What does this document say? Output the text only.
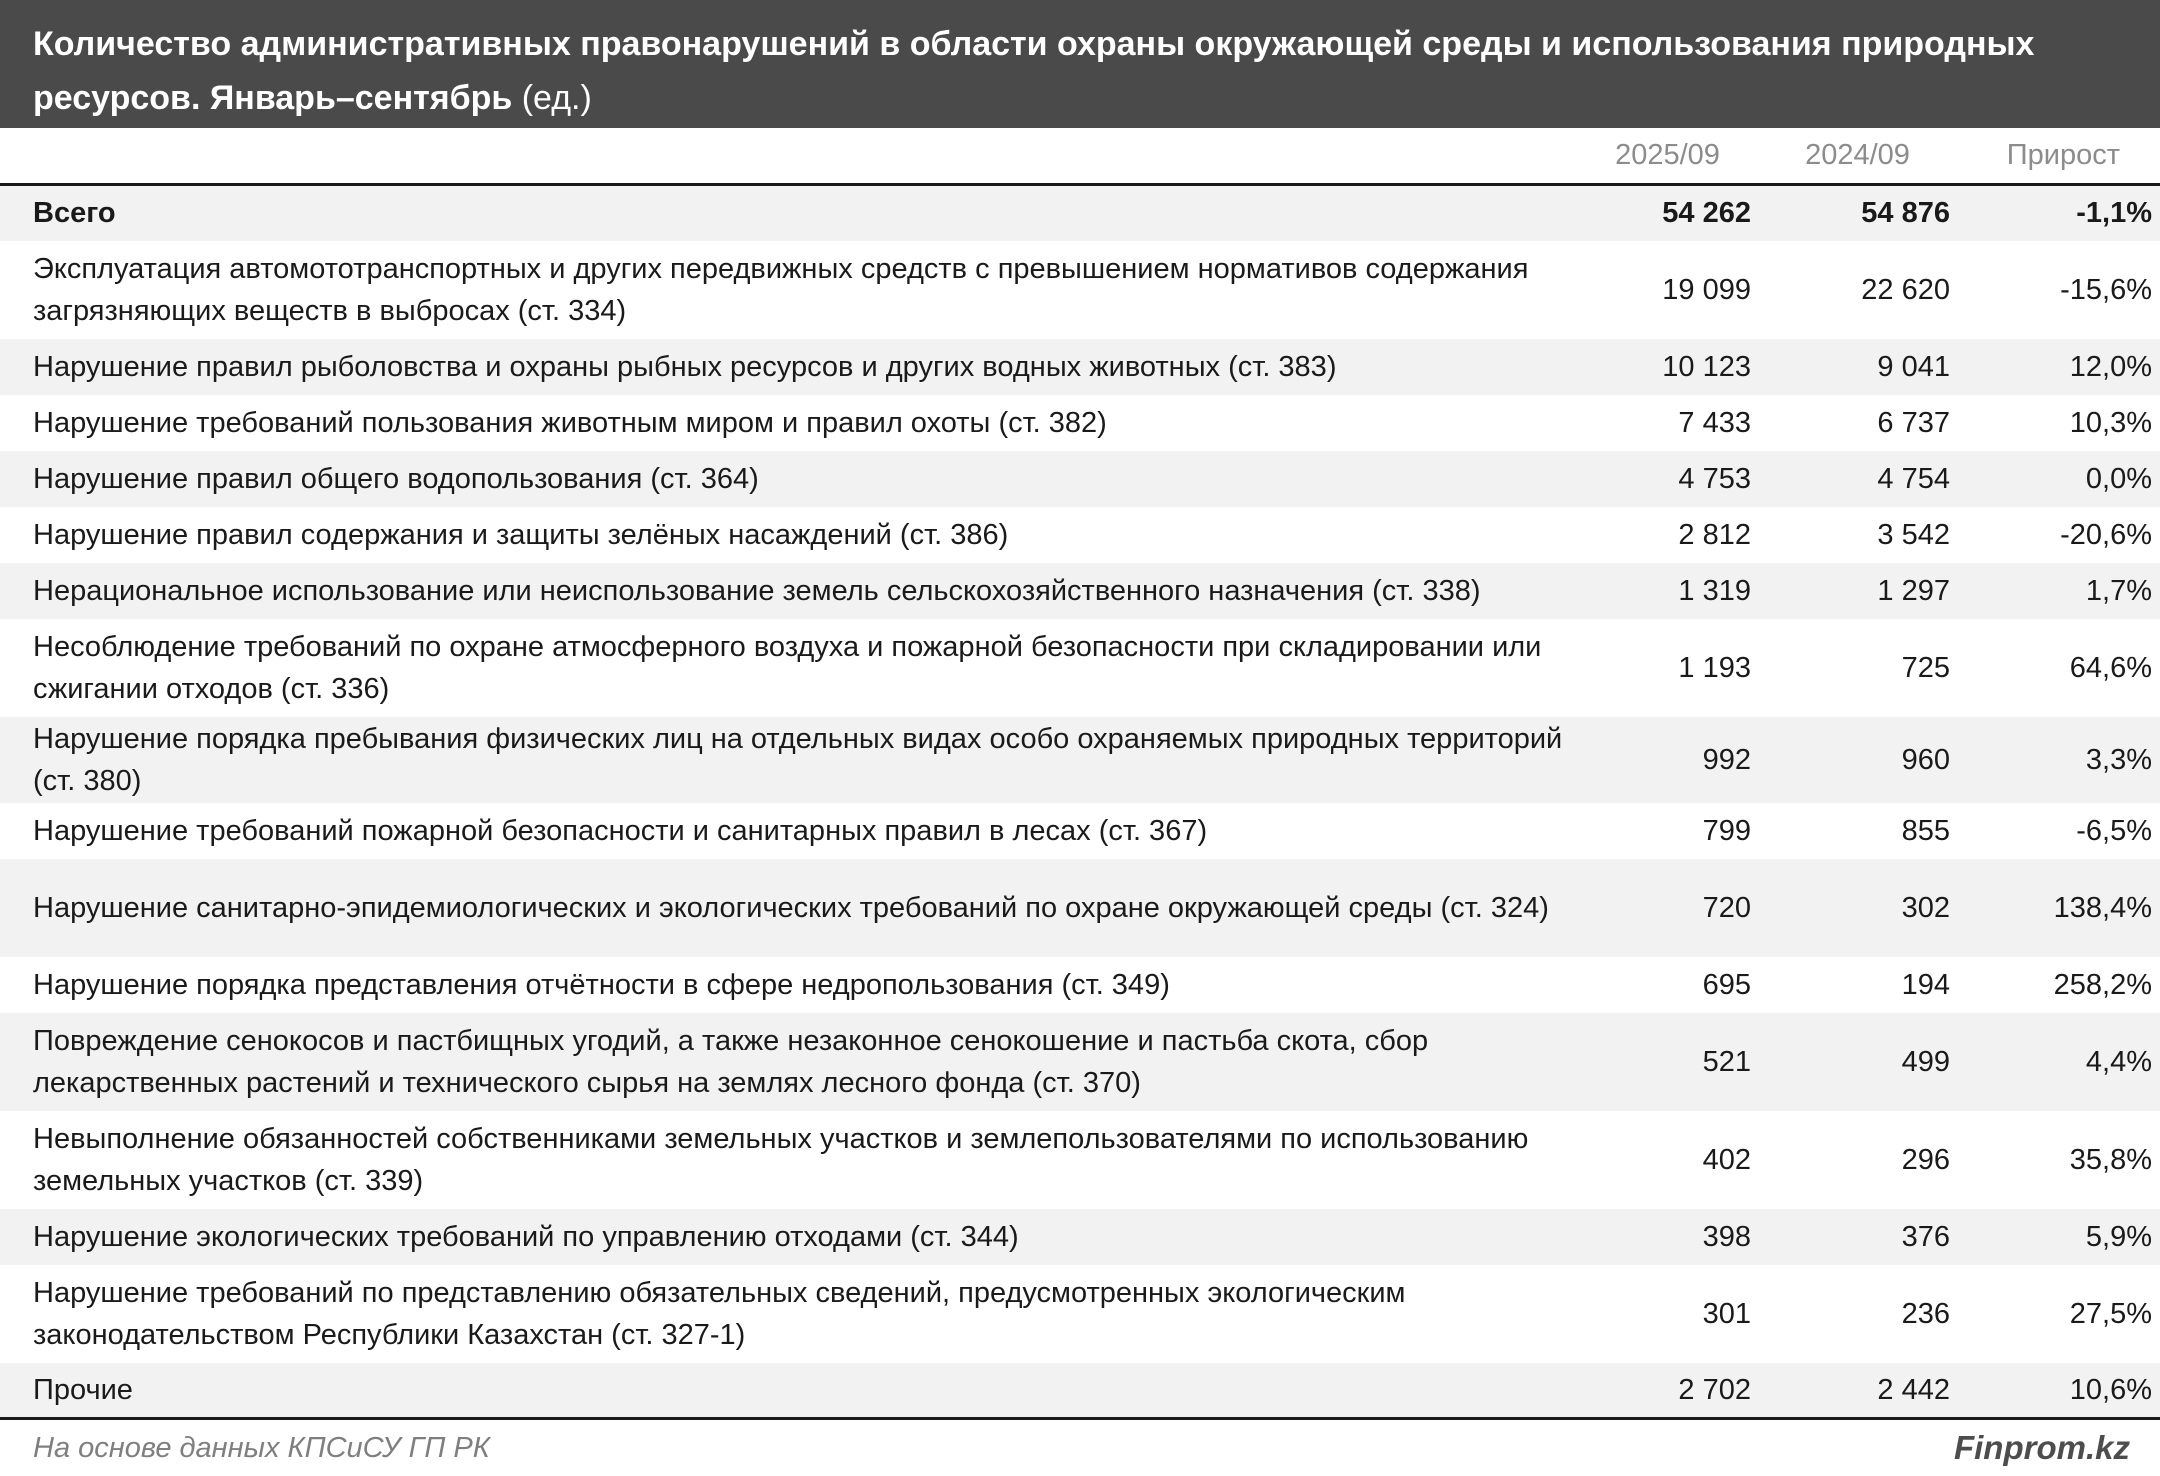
Количество административных правонарушений в области охраны окружающей среды и использования природных ресурсов. Январь–сентябрь (ед.)
	2025/09	2024/09	Прирост
Всего	54 262	54 876	-1,1%
Эксплуатация автомототранспортных и других передвижных средств с превышением нормативов содержания загрязняющих веществ в выбросах (ст. 334)	19 099	22 620	-15,6%
Нарушение правил рыболовства и охраны рыбных ресурсов и других водных животных (ст. 383)	10 123	9 041	12,0%
Нарушение требований пользования животным миром и правил охоты (ст. 382)	7 433	6 737	10,3%
Нарушение правил общего водопользования (ст. 364)	4 753	4 754	0,0%
Нарушение правил содержания и защиты зелёных насаждений (ст. 386)	2 812	3 542	-20,6%
Нерациональное использование или неиспользование земель сельскохозяйственного назначения (ст. 338)	1 319	1 297	1,7%
Несоблюдение требований по охране атмосферного воздуха и пожарной безопасности при складировании или сжигании отходов (ст. 336)	1 193	725	64,6%
Нарушение порядка пребывания физических лиц на отдельных видах особо охраняемых природных территорий (ст. 380)	992	960	3,3%
Нарушение требований пожарной безопасности и санитарных правил в лесах (ст. 367)	799	855	-6,5%
Нарушение санитарно-эпидемиологических и экологических требований по охране окружающей среды (ст. 324)	720	302	138,4%
Нарушение порядка представления отчётности в сфере недропользования (ст. 349)	695	194	258,2%
Повреждение сенокосов и пастбищных угодий, а также незаконное сенокошение и пастьба скота, сбор лекарственных растений и технического сырья на землях лесного фонда (ст. 370)	521	499	4,4%
Невыполнение обязанностей собственниками земельных участков и землепользователями по использованию земельных участков (ст. 339)	402	296	35,8%
Нарушение экологических требований по управлению отходами (ст. 344)	398	376	5,9%
Нарушение требований по представлению обязательных сведений, предусмотренных экологическим законодательством Республики Казахстан (ст. 327-1)	301	236	27,5%
Прочие	2 702	2 442	10,6%
На основе данных КПСиСУ ГП РК		Finprom.kz	
